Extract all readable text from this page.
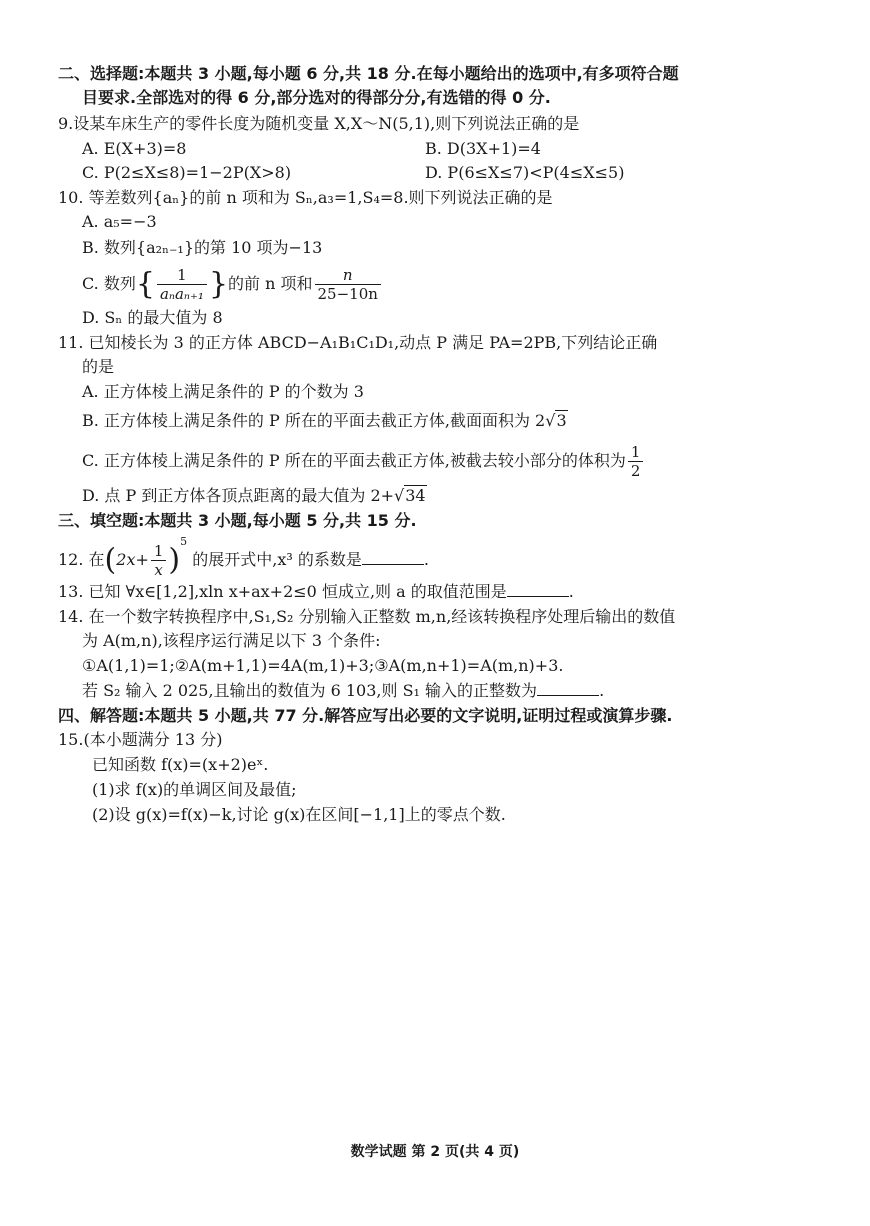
二、选择题:本题共 3 小题,每小题 6 分,共 18 分.在每小题给出的选项中,有多项符合题
目要求.全部选对的得 6 分,部分选对的得部分分,有选错的得 0 分.
9.设某车床生产的零件长度为随机变量 X,X～N(5,1),则下列说法正确的是
A. E(X+3)=8	B. D(3X+1)=4
C. P(2≤X≤8)=1−2P(X>8)	D. P(6≤X≤7)<P(4≤X≤5)
10. 等差数列{aₙ}的前 n 项和为 Sₙ,a₃=1,S₄=8.则下列说法正确的是
A. a₅=−3
B. 数列{a₂ₙ₋₁}的第 10 项为−13
C. 数列{ $\frac{1}{\text{aₙaₙ₊₁}}$ }的前 n 项和 $\frac{n}{25-10n}$
D. Sₙ 的最大值为 8
11. 已知棱长为 3 的正方体 ABCD−A₁B₁C₁D₁,动点 P 满足 PA=2PB,下列结论正确
的是
A. 正方体棱上满足条件的 P 的个数为 3
B. 正方体棱上满足条件的 P 所在的平面去截正方体,截面面积为 2√3
C. 正方体棱上满足条件的 P 所在的平面去截正方体,被截去较小部分的体积为 $\frac{1}{2}$
D. 点 P 到正方体各顶点距离的最大值为 2+√34
三、填空题:本题共 3 小题,每小题 5 分,共 15 分.
12. 在$(2x+ \frac{1}{x} )^5$ 的展开式中,x³ 的系数是	.
13. 已知 ∀x∈[1,2],xln x+ax+2≤0 恒成立,则 a 的取值范围是	.
14. 在一个数字转换程序中,S₁,S₂ 分别输入正整数 m,n,经该转换程序处理后输出的数值
为 A(m,n),该程序运行满足以下 3 个条件:
①A(1,1)=1;②A(m+1,1)=4A(m,1)+3;③A(m,n+1)=A(m,n)+3.
若 S₂ 输入 2 025,且输出的数值为 6 103,则 S₁ 输入的正整数为	.
四、解答题:本题共 5 小题,共 77 分.解答应写出必要的文字说明,证明过程或演算步骤.
15.(本小题满分 13 分)
已知函数 f(x)=(x+2)eˣ.
(1)求 f(x)的单调区间及最值;
(2)设 g(x)=f(x)−k,讨论 g(x)在区间[−1,1]上的零点个数.
数学试题 第 2 页(共 4 页)
